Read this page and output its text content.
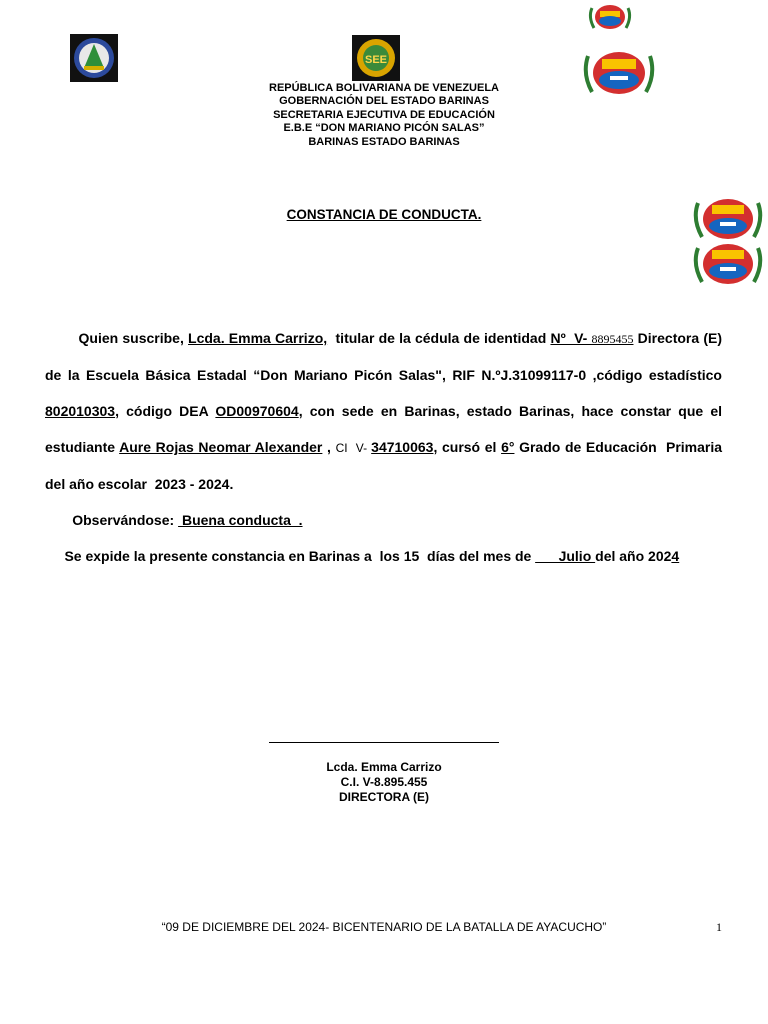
SEE
REPÚBLICA BOLIVARIANA DE VENEZUELA
GOBERNACIÓN DEL ESTADO BARINAS
SECRETARIA EJECUTIVA DE EDUCACIÓN
E.B.E “DON MARIANO PICÓN SALAS”
BARINAS ESTADO BARINAS
CONSTANCIA DE CONDUCTA.

Quien suscribe, Lcda. Emma Carrizo,  titular de la cédula de identidad Nº  V- 8895455 Directora (E) de la Escuela Básica Estadal “Don Mariano Picón Salas", RIF N.ºJ.31099117-0 ,código estadístico 802010303, código DEA OD00970604, con sede en Barinas, estado Barinas, hace constar que el estudiante Aure Rojas Neomar Alexander , CI  V- 34710063, cursó el 6° Grado de Educación  Primaria  del año escolar  2023 - 2024.

Observándose:  Buena conducta  .

Se expide la presente constancia en Barinas a  los 15  días del mes de ___Julio del año 2024

Lcda. Emma Carrizo
C.I. V-8.895.455
DIRECTORA (E)
“09 DE DICIEMBRE DEL 2024- BICENTENARIO DE LA BATALLA DE AYACUCHO”	1
